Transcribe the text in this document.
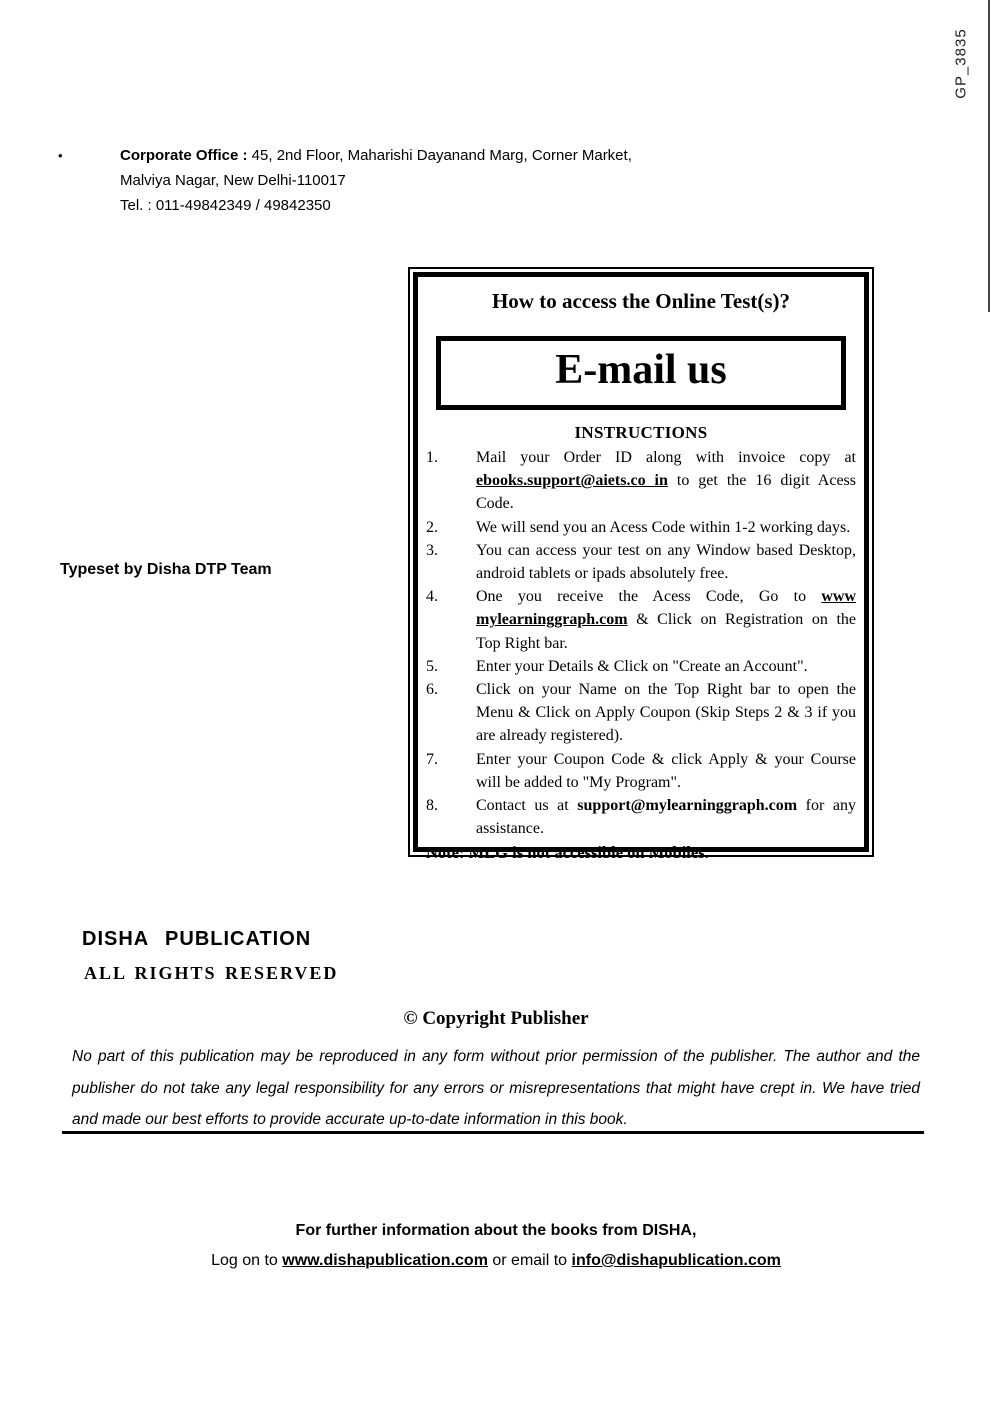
GP_3835
•	Corporate Office : 45, 2nd Floor, Maharishi Dayanand Marg, Corner Market,
Malviya Nagar, New Delhi-110017
Tel. : 011-49842349 / 49842350
Typeset by Disha DTP Team
How to access the Online Test(s)?
E-mail us
INSTRUCTIONS
1.	Mail your Order ID along with invoice copy at ebooks.support@aiets.co in to get the 16 digit Acess Code.
2.	We will send you an Acess Code within 1-2 working days.
3.	You can access your test on any Window based Desktop, android tablets or ipads absolutely free.
4.	One you receive the Acess Code, Go to www mylearninggraph.com & Click on Registration on the Top Right bar.
5.	Enter your Details & Click on "Create an Account".
6.	Click on your Name on the Top Right bar to open the Menu & Click on Apply Coupon (Skip Steps 2 & 3 if you are already registered).
7.	Enter your Coupon Code & click Apply & your Course will be added to "My Program".
8.	Contact us at support@mylearninggraph.com for any assistance.
Note: MLG is not accessible on Mobiles.
DISHA PUBLICATION
ALL RIGHTS RESERVED
© Copyright Publisher
No part of this publication may be reproduced in any form without prior permission of the publisher. The author and the publisher do not take any legal responsibility for any errors or misrepresentations that might have crept in. We have tried and made our best efforts to provide accurate up-to-date information in this book.
For further information about the books from DISHA,
Log on to www.dishapublication.com or email to info@dishapublication.com
